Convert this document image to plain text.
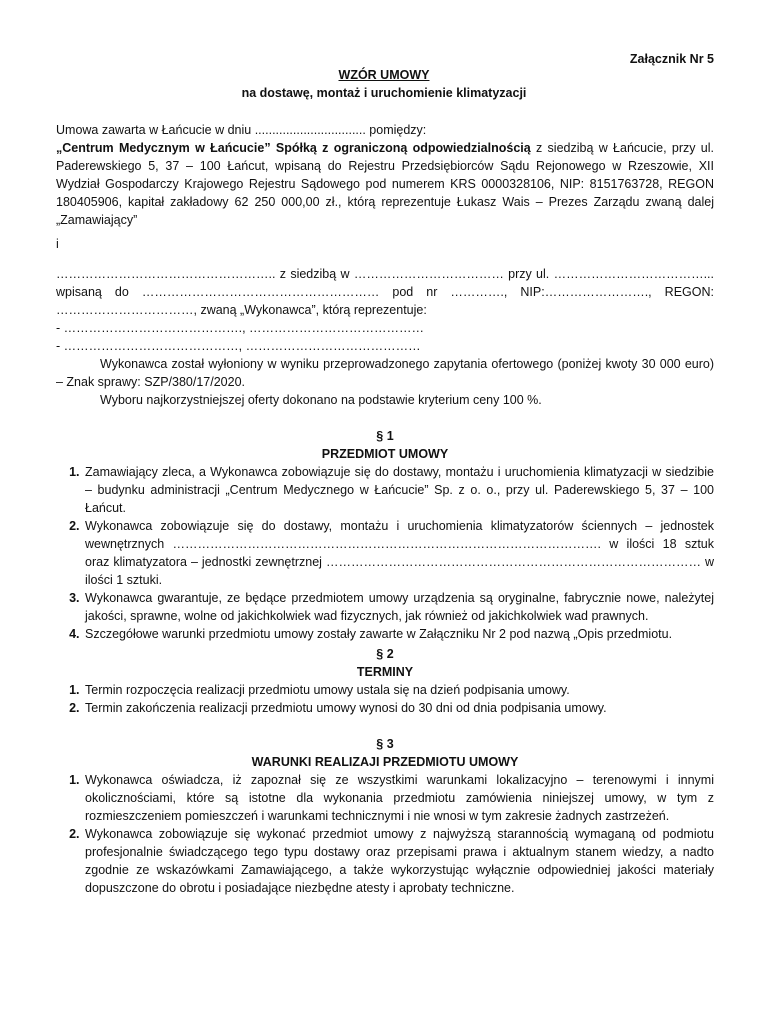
Załącznik Nr 5
WZÓR UMOWY
na dostawę, montaż i uruchomienie klimatyzacji

Umowa zawarta w Łańcucie w dniu ................................ pomiędzy:

„Centrum Medycznym w Łańcucie” Spółką z ograniczoną odpowiedzialnością z siedzibą w Łańcucie, przy ul. Paderewskiego 5, 37 – 100 Łańcut, wpisaną do Rejestru Przedsiębiorców Sądu Rejonowego w Rzeszowie, XII Wydział Gospodarczy Krajowego Rejestru Sądowego pod numerem KRS 0000328106, NIP: 8151763728, REGON 180405906, kapitał zakładowy 62 250 000,00 zł., którą reprezentuje Łukasz Wais – Prezes Zarządu zwaną dalej „Zamawiający”

i

…………………………………………….. z siedzibą w ……………………………… przy ul. ………………………………... wpisaną do ………………………………………………… pod nr …………., NIP:……………………., REGON: ……………………………, zwaną „Wykonawca”, którą reprezentuje:

- ……………………………………., ……………………………………

- ……………………………………, ……………………………………

Wykonawca został wyłoniony w wyniku przeprowadzonego zapytania ofertowego (poniżej kwoty 30 000 euro) – Znak sprawy: SZP/380/17/2020.

Wyboru najkorzystniejszej oferty dokonano na podstawie kryterium ceny 100 %.

§ 1

PRZEDMIOT UMOWY

1. Zamawiający zleca, a Wykonawca zobowiązuje się do dostawy, montażu i uruchomienia klimatyzacji w siedzibie – budynku administracji „Centrum Medycznego w Łańcucie” Sp. z o. o., przy ul. Paderewskiego 5, 37 – 100 Łańcut.
2. Wykonawca zobowiązuje się do dostawy, montażu i uruchomienia klimatyzatorów ściennych – jednostek wewnętrznych …………………………………………………………………………………………. w ilości 18 sztuk oraz klimatyzatora – jednostki zewnętrznej ……………………………………………………………………………… w ilości 1 sztuki.
3. Wykonawca gwarantuje, ze będące przedmiotem umowy urządzenia są oryginalne, fabrycznie nowe, należytej jakości, sprawne, wolne od jakichkolwiek wad fizycznych, jak również od jakichkolwiek wad prawnych.
4. Szczegółowe warunki przedmiotu umowy zostały zawarte w Załączniku Nr 2 pod nazwą „Opis przedmiotu.

§ 2

TERMINY

1. Termin rozpoczęcia realizacji przedmiotu umowy ustala się na dzień podpisania umowy.
2. Termin zakończenia realizacji przedmiotu umowy wynosi do 30 dni od dnia podpisania umowy.

§ 3

WARUNKI REALIZAJI PRZEDMIOTU UMOWY

1. Wykonawca oświadcza, iż zapoznał się ze wszystkimi warunkami lokalizacyjno – terenowymi i innymi okolicznościami, które są istotne dla wykonania przedmiotu zamówienia niniejszej umowy, w tym z rozmieszczeniem pomieszczeń i warunkami technicznymi i nie wnosi w tym zakresie żadnych zastrzeżeń.
2. Wykonawca zobowiązuje się wykonać przedmiot umowy z najwyższą starannością wymaganą od podmiotu profesjonalnie świadczącego tego typu dostawy oraz przepisami prawa i aktualnym stanem wiedzy, a nadto zgodnie ze wskazówkami Zamawiającego, a także wykorzystując wyłącznie odpowiedniej jakości materiały dopuszczone do obrotu i posiadające niezbędne atesty i aprobaty techniczne.
